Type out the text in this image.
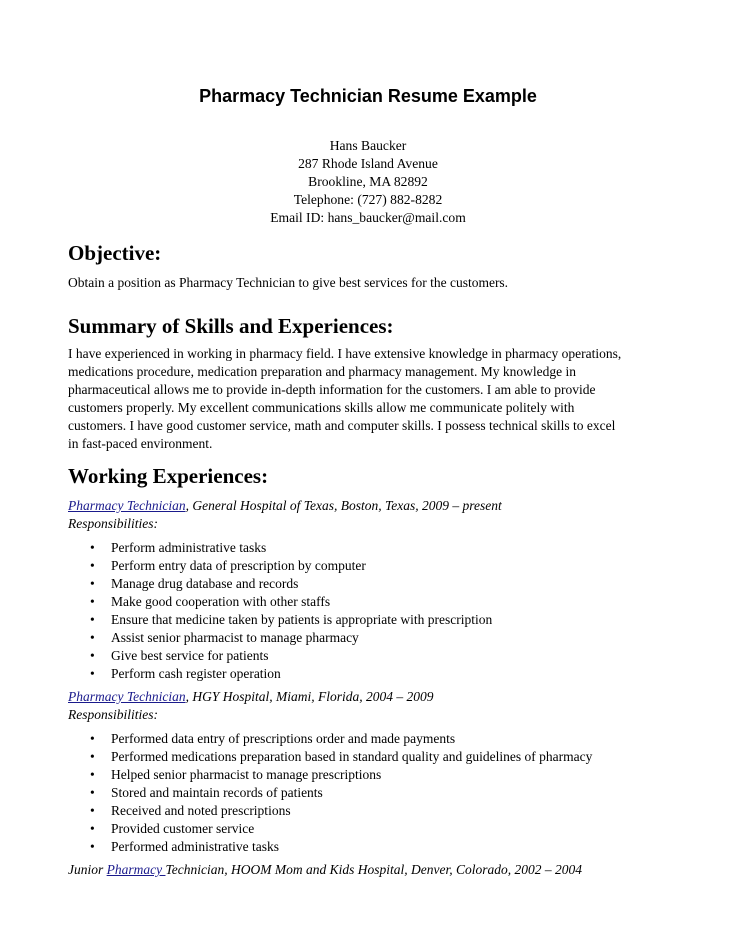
Pharmacy Technician Resume Example
Hans Baucker
287 Rhode Island Avenue
Brookline, MA 82892
Telephone: (727) 882-8282
Email ID: hans_baucker@mail.com
Objective:

Obtain a position as Pharmacy Technician to give best services for the customers.

Summary of Skills and Experiences:
I have experienced in working in pharmacy field. I have extensive knowledge in pharmacy operations,
medications procedure, medication preparation and pharmacy management. My knowledge in
pharmaceutical allows me to provide in-depth information for the customers. I am able to provide
customers properly. My excellent communications skills allow me communicate politely with
customers. I have good customer service, math and computer skills. I possess technical skills to excel
in fast-paced environment.
Working Experiences:
Pharmacy Technician, General Hospital of Texas, Boston, Texas, 2009 – present
Responsibilities:
• Perform administrative tasks
• Perform entry data of prescription by computer
• Manage drug database and records
• Make good cooperation with other staffs
• Ensure that medicine taken by patients is appropriate with prescription
• Assist senior pharmacist to manage pharmacy
• Give best service for patients
• Perform cash register operation
Pharmacy Technician, HGY Hospital, Miami, Florida, 2004 – 2009
Responsibilities:
• Performed data entry of prescriptions order and made payments
• Performed medications preparation based in standard quality and guidelines of pharmacy
• Helped senior pharmacist to manage prescriptions
• Stored and maintain records of patients
• Received and noted prescriptions
• Provided customer service
• Performed administrative tasks
Junior Pharmacy Technician, HOOM Mom and Kids Hospital, Denver, Colorado, 2002 – 2004
